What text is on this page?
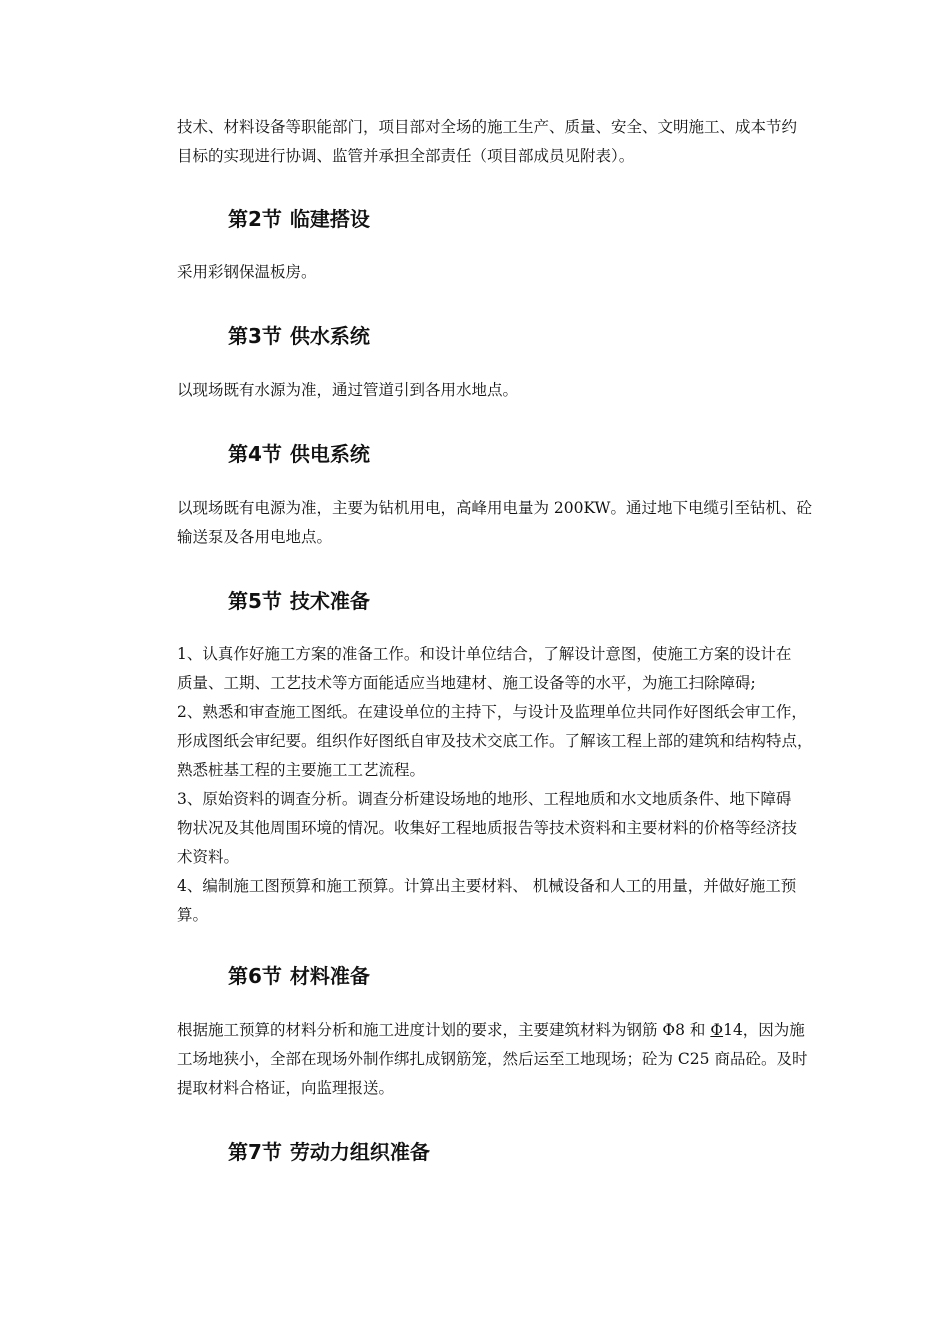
技术、材料设备等职能部门，项目部对全场的施工生产、质量、安全、文明施工、成本节约
目标的实现进行协调、监管并承担全部责任（项目部成员见附表）。

第2节 临建搭设

采用彩钢保温板房。

第3节 供水系统

以现场既有水源为准，通过管道引到各用水地点。

第4节 供电系统

以现场既有电源为准，主要为钻机用电，高峰用电量为 200KW。通过地下电缆引至钻机、砼
输送泵及各用电地点。

第5节 技术准备

1、认真作好施工方案的准备工作。和设计单位结合，了解设计意图，使施工方案的设计在
质量、工期、工艺技术等方面能适应当地建材、施工设备等的水平，为施工扫除障碍;
2、熟悉和审查施工图纸。在建设单位的主持下，与设计及监理单位共同作好图纸会审工作，
形成图纸会审纪要。组织作好图纸自审及技术交底工作。了解该工程上部的建筑和结构特点，
熟悉桩基工程的主要施工工艺流程。
3、原始资料的调查分析。调查分析建设场地的地形、工程地质和水文地质条件、地下障碍
物状况及其他周围环境的情况。收集好工程地质报告等技术资料和主要材料的价格等经济技
术资料。
4、编制施工图预算和施工预算。计算出主要材料、 机械设备和人工的用量，并做好施工预
算。

第6节 材料准备

根据施工预算的材料分析和施工进度计划的要求，主要建筑材料为钢筋 Φ8 和 Φ14，因为施
工场地狭小，全部在现场外制作绑扎成钢筋笼，然后运至工地现场；砼为 C25 商品砼。及时
提取材料合格证，向监理报送。

第7节 劳动力组织准备
